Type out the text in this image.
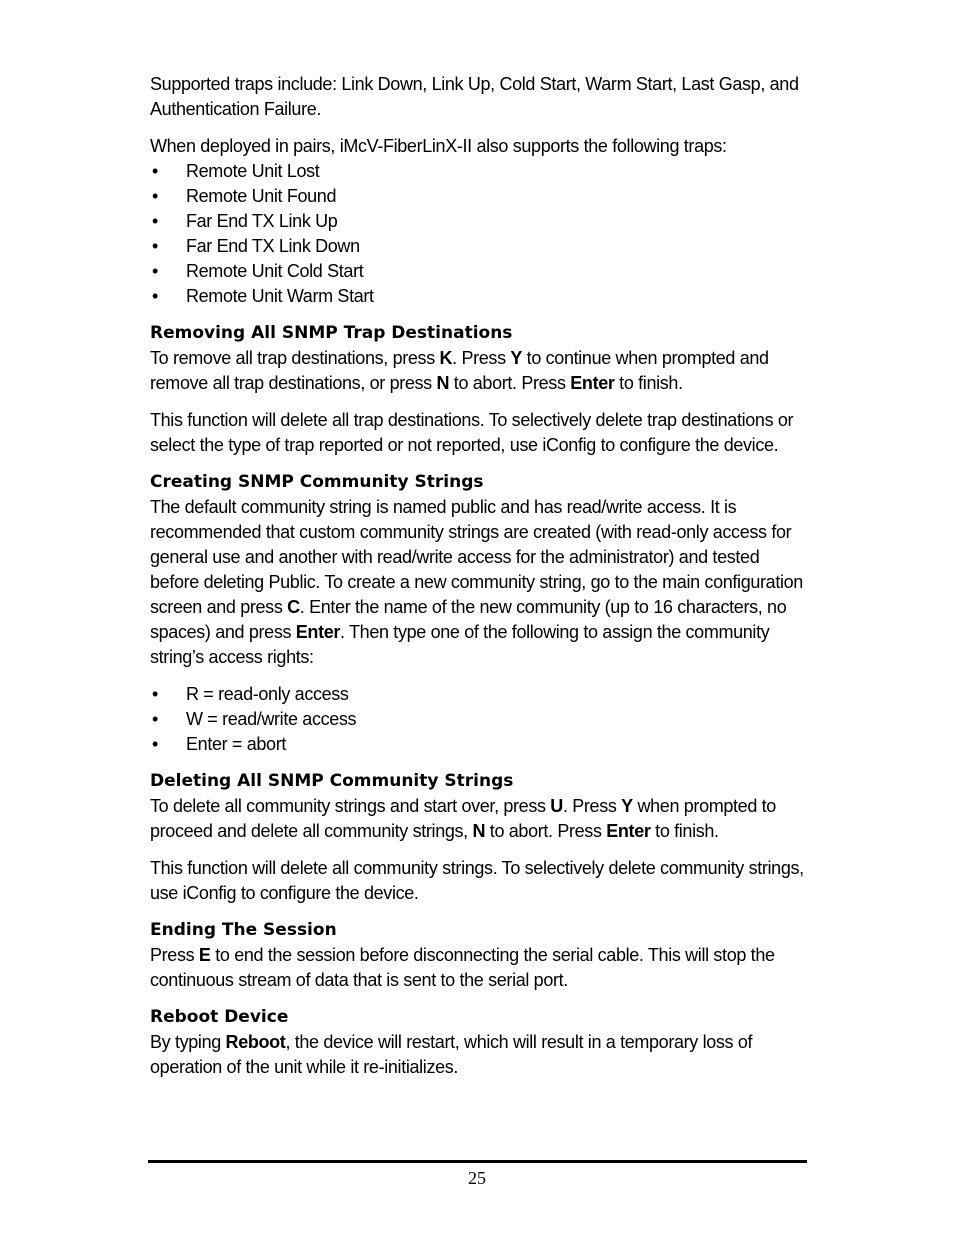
Supported traps include: Link Down, Link Up, Cold Start, Warm Start, Last Gasp, and Authentication Failure.

When deployed in pairs, iMcV-FiberLinX-II also supports the following traps:

• Remote Unit Lost
• Remote Unit Found
• Far End TX Link Up
• Far End TX Link Down
• Remote Unit Cold Start
• Remote Unit Warm Start
Removing All SNMP Trap Destinations

To remove all trap destinations, press K. Press Y to continue when prompted and remove all trap destinations, or press N to abort. Press Enter to finish.

This function will delete all trap destinations. To selectively delete trap destinations or select the type of trap reported or not reported, use iConfig to configure the device.

Creating SNMP Community Strings

The default community string is named public and has read/write access. It is recommended that custom community strings are created (with read-only access for general use and another with read/write access for the administrator) and tested before deleting Public. To create a new community string, go to the main configuration screen and press C. Enter the name of the new community (up to 16 characters, no spaces) and press Enter. Then type one of the following to assign the community string’s access rights:

• R = read-only access
• W = read/write access
• Enter = abort
Deleting All SNMP Community Strings

To delete all community strings and start over, press U. Press Y when prompted to proceed and delete all community strings, N to abort. Press Enter to finish.

This function will delete all community strings. To selectively delete community strings, use iConfig to configure the device.

Ending The Session

Press E to end the session before disconnecting the serial cable. This will stop the continuous stream of data that is sent to the serial port.

Reboot Device

By typing Reboot, the device will restart, which will result in a temporary loss of operation of the unit while it re-initializes.

25
